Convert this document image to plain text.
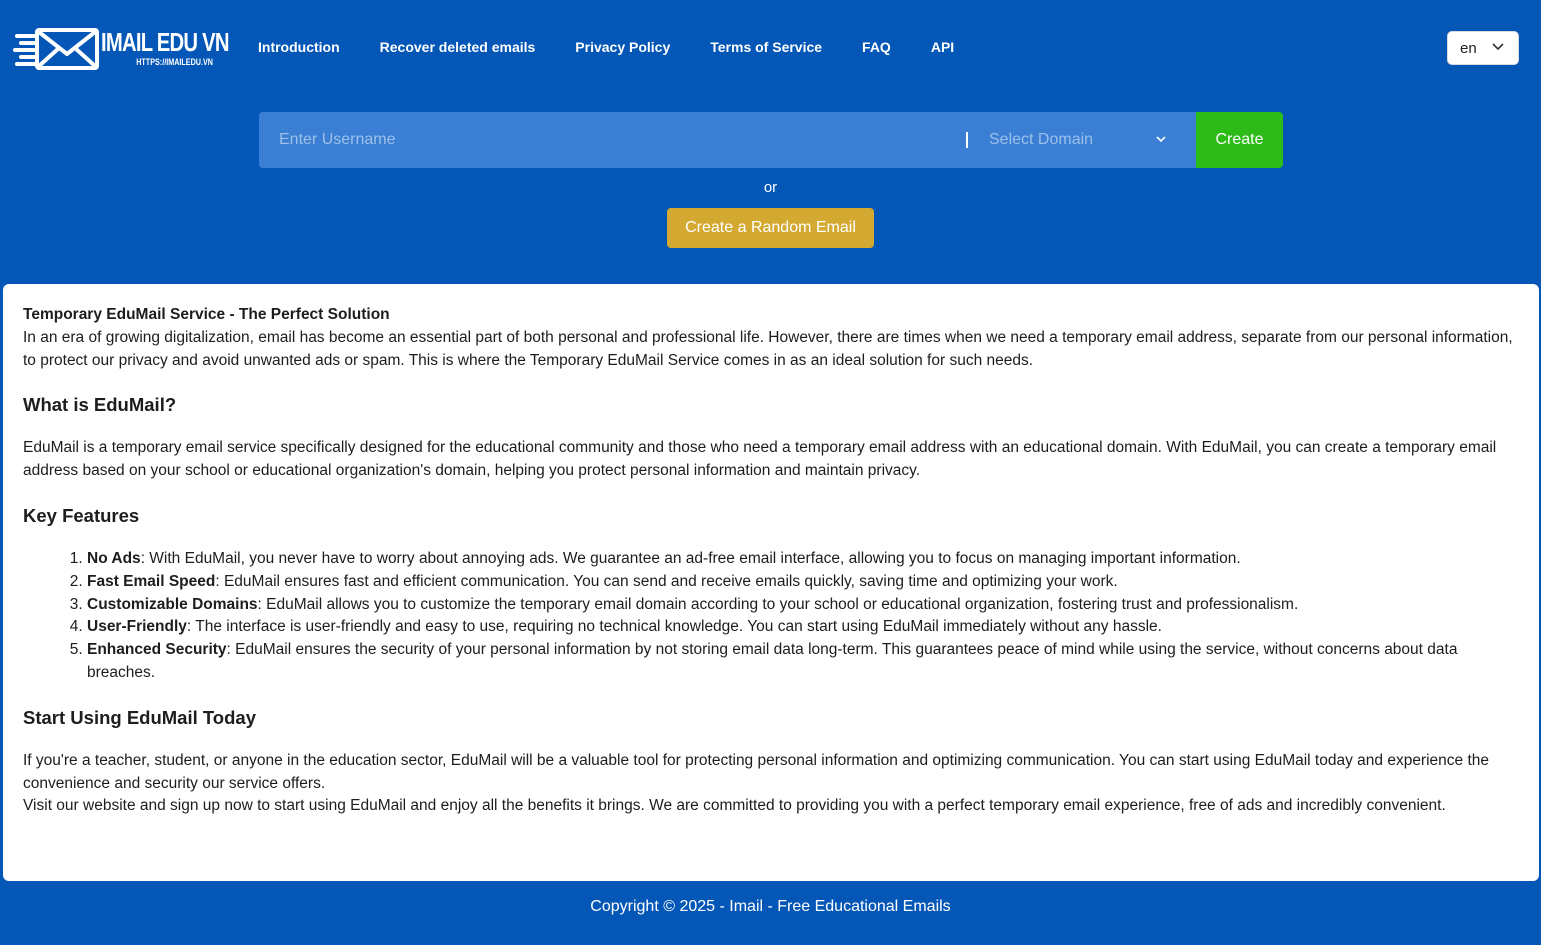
IMAIL EDU VN
HTTPS://IMAILEDU.VN
Introduction	Recover deleted emails	Privacy Policy	Terms of Service	FAQ	API	en
Enter Username
Select Domain	Create
or
Create a Random Email
Temporary EduMail Service - The Perfect Solution

In an era of growing digitalization, email has become an essential part of both personal and professional life. However, there are times when we need a temporary email address, separate from our personal information, to protect our privacy and avoid unwanted ads or spam. This is where the Temporary EduMail Service comes in as an ideal solution for such needs.

What is EduMail?

EduMail is a temporary email service specifically designed for the educational community and those who need a temporary email address with an educational domain. With EduMail, you can create a temporary email address based on your school or educational organization's domain, helping you protect personal information and maintain privacy.

Key Features
1. No Ads: With EduMail, you never have to worry about annoying ads. We guarantee an ad-free email interface, allowing you to focus on managing important information.
2. Fast Email Speed: EduMail ensures fast and efficient communication. You can send and receive emails quickly, saving time and optimizing your work.
3. Customizable Domains: EduMail allows you to customize the temporary email domain according to your school or educational organization, fostering trust and professionalism.
4. User-Friendly: The interface is user-friendly and easy to use, requiring no technical knowledge. You can start using EduMail immediately without any hassle.
5. Enhanced Security: EduMail ensures the security of your personal information by not storing email data long-term. This guarantees peace of mind while using the service, without concerns about data breaches.
Start Using EduMail Today

If you're a teacher, student, or anyone in the education sector, EduMail will be a valuable tool for protecting personal information and optimizing communication. You can start using EduMail today and experience the convenience and security our service offers.

Visit our website and sign up now to start using EduMail and enjoy all the benefits it brings. We are committed to providing you with a perfect temporary email experience, free of ads and incredibly convenient.

Copyright © 2025 - Imail - Free Educational Emails
